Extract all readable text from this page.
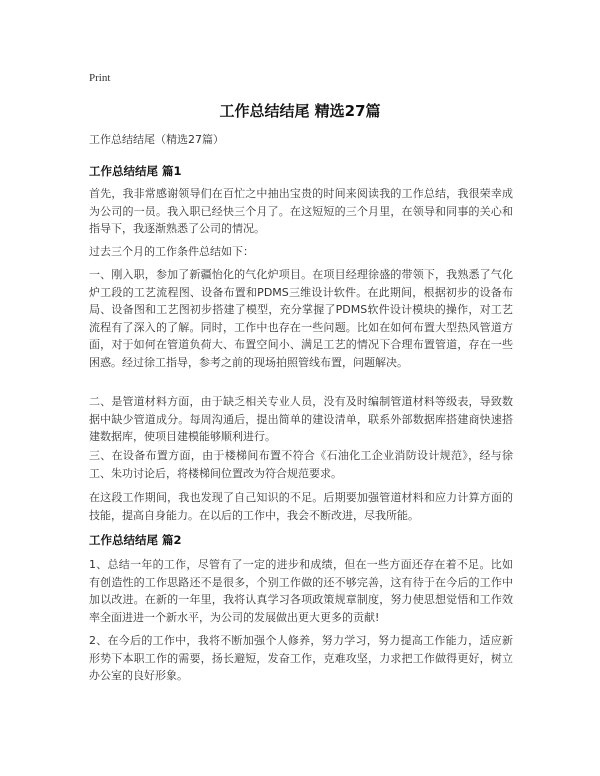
Print
工作总结结尾 精选27篇
工作总结结尾（精选27篇）
工作总结结尾 篇1

首先，我非常感谢领导们在百忙之中抽出宝贵的时间来阅读我的工作总结，我很荣幸成为公司的一员。我入职已经快三个月了。在这短短的三个月里，在领导和同事的关心和指导下，我逐渐熟悉了公司的情况。

过去三个月的工作条件总结如下：

一、刚入职，参加了新疆怡化的气化炉项目。在项目经理徐盛的带领下，我熟悉了气化炉工段的工艺流程图、设备布置和PDMS三维设计软件。在此期间，根据初步的设备布局、设备图和工艺图初步搭建了模型，充分掌握了PDMS软件设计模块的操作，对工艺流程有了深入的了解。同时，工作中也存在一些问题。比如在如何布置大型热风管道方面，对于如何在管道负荷大、布置空间小、满足工艺的情况下合理布置管道，存在一些困惑。经过徐工指导，参考之前的现场拍照管线布置，问题解决。

二、是管道材料方面，由于缺乏相关专业人员，没有及时编制管道材料等级表，导致数据中缺少管道成分。每周沟通后，提出简单的建设清单，联系外部数据库搭建商快速搭建数据库，使项目建模能够顺利进行。

三、在设备布置方面，由于楼梯间布置不符合《石油化工企业消防设计规范》，经与徐工、朱功讨论后，将楼梯间位置改为符合规范要求。

在这段工作期间，我也发现了自己知识的不足。后期要加强管道材料和应力计算方面的技能，提高自身能力。在以后的工作中，我会不断改进，尽我所能。

工作总结结尾 篇2

1、总结一年的工作，尽管有了一定的进步和成绩，但在一些方面还存在着不足。比如有创造性的工作思路还不是很多，个别工作做的还不够完善，这有待于在今后的工作中加以改进。在新的一年里，我将认真学习各项政策规章制度，努力使思想觉悟和工作效率全面进进一个新水平，为公司的发展做出更大更多的贡献!

2、在今后的工作中，我将不断加强个人修养，努力学习，努力提高工作能力，适应新形势下本职工作的需要，扬长避短，发奋工作，克难攻坚，力求把工作做得更好，树立办公室的良好形象。
